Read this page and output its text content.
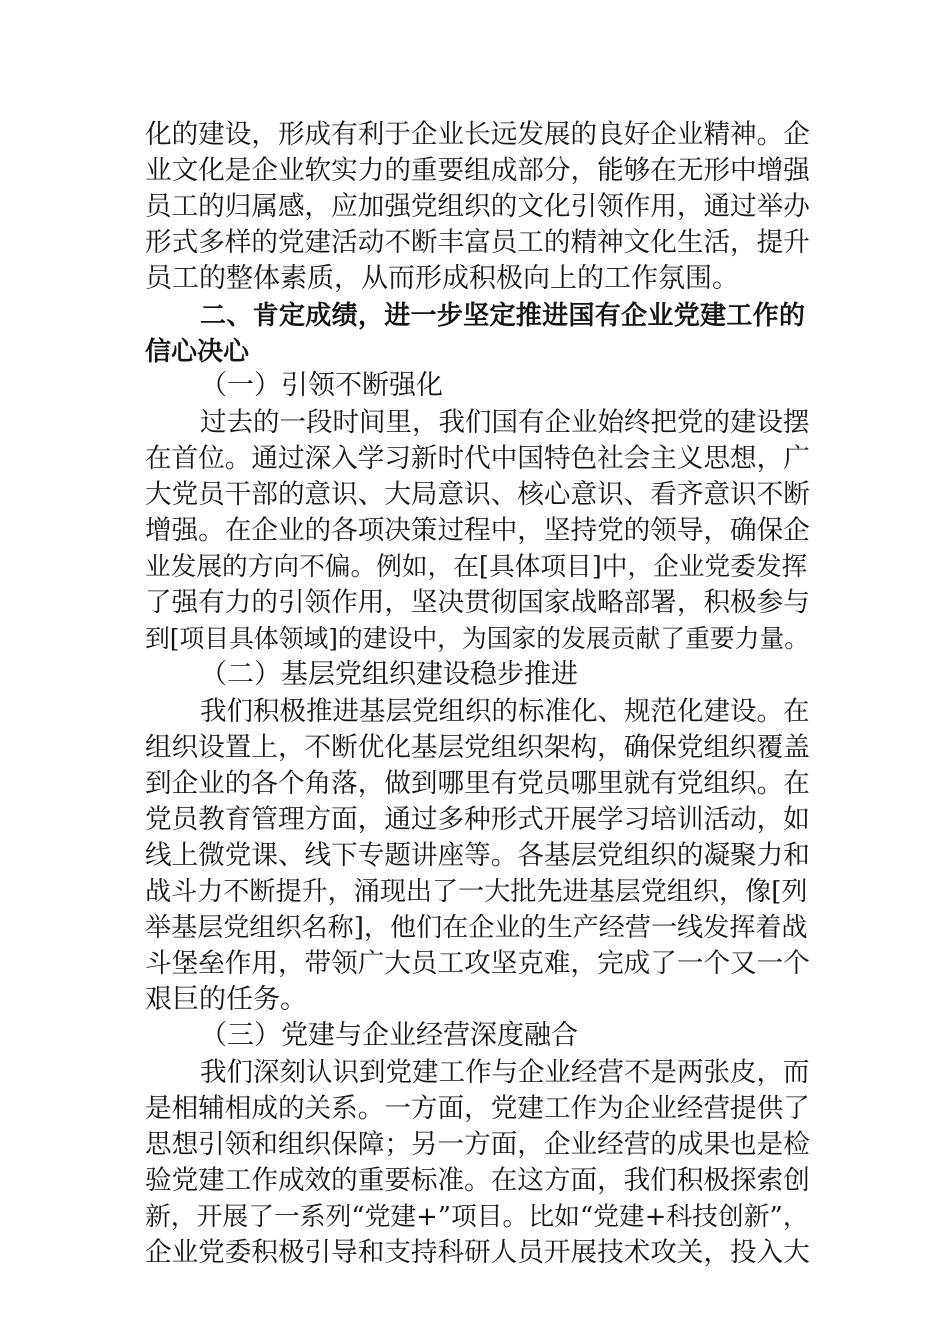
化的建设，形成有利于企业长远发展的良好企业精神。企
业文化是企业软实力的重要组成部分，能够在无形中增强
员工的归属感，应加强党组织的文化引领作用，通过举办
形式多样的党建活动不断丰富员工的精神文化生活，提升
员工的整体素质，从而形成积极向上的工作氛围。
二、肯定成绩，进一步坚定推进国有企业党建工作的
信心决心
（一）引领不断强化
过去的一段时间里，我们国有企业始终把党的建设摆
在首位。通过深入学习新时代中国特色社会主义思想，广
大党员干部的意识、大局意识、核心意识、看齐意识不断
增强。在企业的各项决策过程中，坚持党的领导，确保企
业发展的方向不偏。例如，在[具体项目]中，企业党委发挥
了强有力的引领作用，坚决贯彻国家战略部署，积极参与
到[项目具体领域]的建设中，为国家的发展贡献了重要力量。
（二）基层党组织建设稳步推进
我们积极推进基层党组织的标准化、规范化建设。在
组织设置上，不断优化基层党组织架构，确保党组织覆盖
到企业的各个角落，做到哪里有党员哪里就有党组织。在
党员教育管理方面，通过多种形式开展学习培训活动，如
线上微党课、线下专题讲座等。各基层党组织的凝聚力和
战斗力不断提升，涌现出了一大批先进基层党组织，像[列
举基层党组织名称]，他们在企业的生产经营一线发挥着战
斗堡垒作用，带领广大员工攻坚克难，完成了一个又一个
艰巨的任务。
（三）党建与企业经营深度融合
我们深刻认识到党建工作与企业经营不是两张皮，而
是相辅相成的关系。一方面，党建工作为企业经营提供了
思想引领和组织保障；另一方面，企业经营的成果也是检
验党建工作成效的重要标准。在这方面，我们积极探索创
新，开展了一系列“党建+”项目。比如“党建+科技创新”，
企业党委积极引导和支持科研人员开展技术攻关，投入大
